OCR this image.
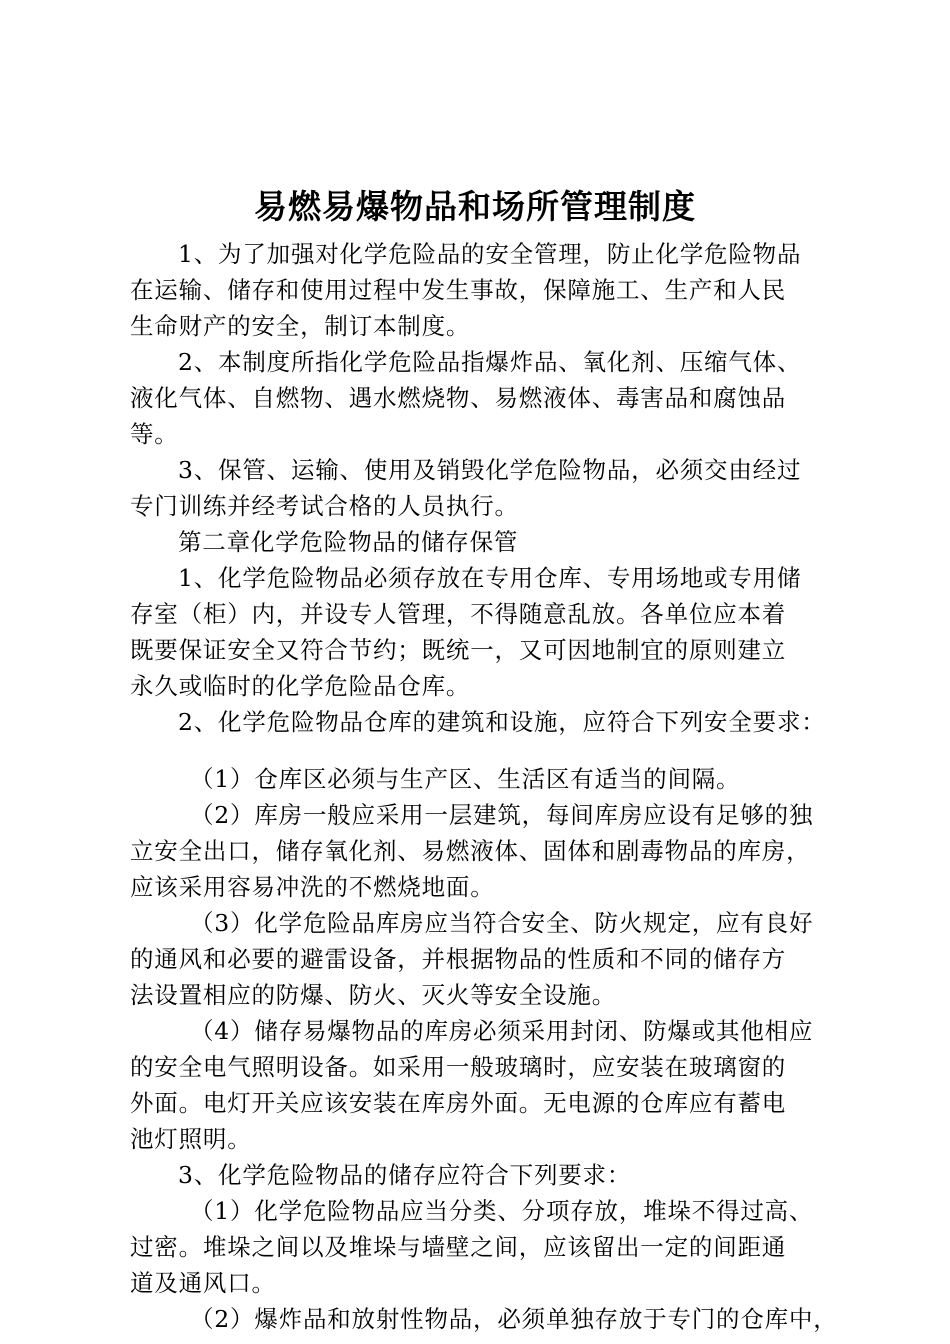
易燃易爆物品和场所管理制度
1、为了加强对化学危险品的安全管理，防止化学危险物品
在运输、储存和使用过程中发生事故，保障施工、生产和人民
生命财产的安全，制订本制度。
2、本制度所指化学危险品指爆炸品、氧化剂、压缩气体、
液化气体、自燃物、遇水燃烧物、易燃液体、毒害品和腐蚀品
等。
3、保管、运输、使用及销毁化学危险物品，必须交由经过
专门训练并经考试合格的人员执行。
第二章化学危险物品的储存保管
1、化学危险物品必须存放在专用仓库、专用场地或专用储
存室（柜）内，并设专人管理，不得随意乱放。各单位应本着
既要保证安全又符合节约；既统一，又可因地制宜的原则建立
永久或临时的化学危险品仓库。
2、化学危险物品仓库的建筑和设施，应符合下列安全要求：
（1）仓库区必须与生产区、生活区有适当的间隔。
（2）库房一般应采用一层建筑，每间库房应设有足够的独
立安全出口，储存氧化剂、易燃液体、固体和剧毒物品的库房，
应该采用容易冲洗的不燃烧地面。
（3）化学危险品库房应当符合安全、防火规定，应有良好
的通风和必要的避雷设备，并根据物品的性质和不同的储存方
法设置相应的防爆、防火、灭火等安全设施。
（4）储存易爆物品的库房必须采用封闭、防爆或其他相应
的安全电气照明设备。如采用一般玻璃时，应安装在玻璃窗的
外面。电灯开关应该安装在库房外面。无电源的仓库应有蓄电
池灯照明。
3、化学危险物品的储存应符合下列要求：
（1）化学危险物品应当分类、分项存放，堆垛不得过高、
过密。堆垛之间以及堆垛与墙壁之间，应该留出一定的间距通
道及通风口。
（2）爆炸品和放射性物品，必须单独存放于专门的仓库中，
